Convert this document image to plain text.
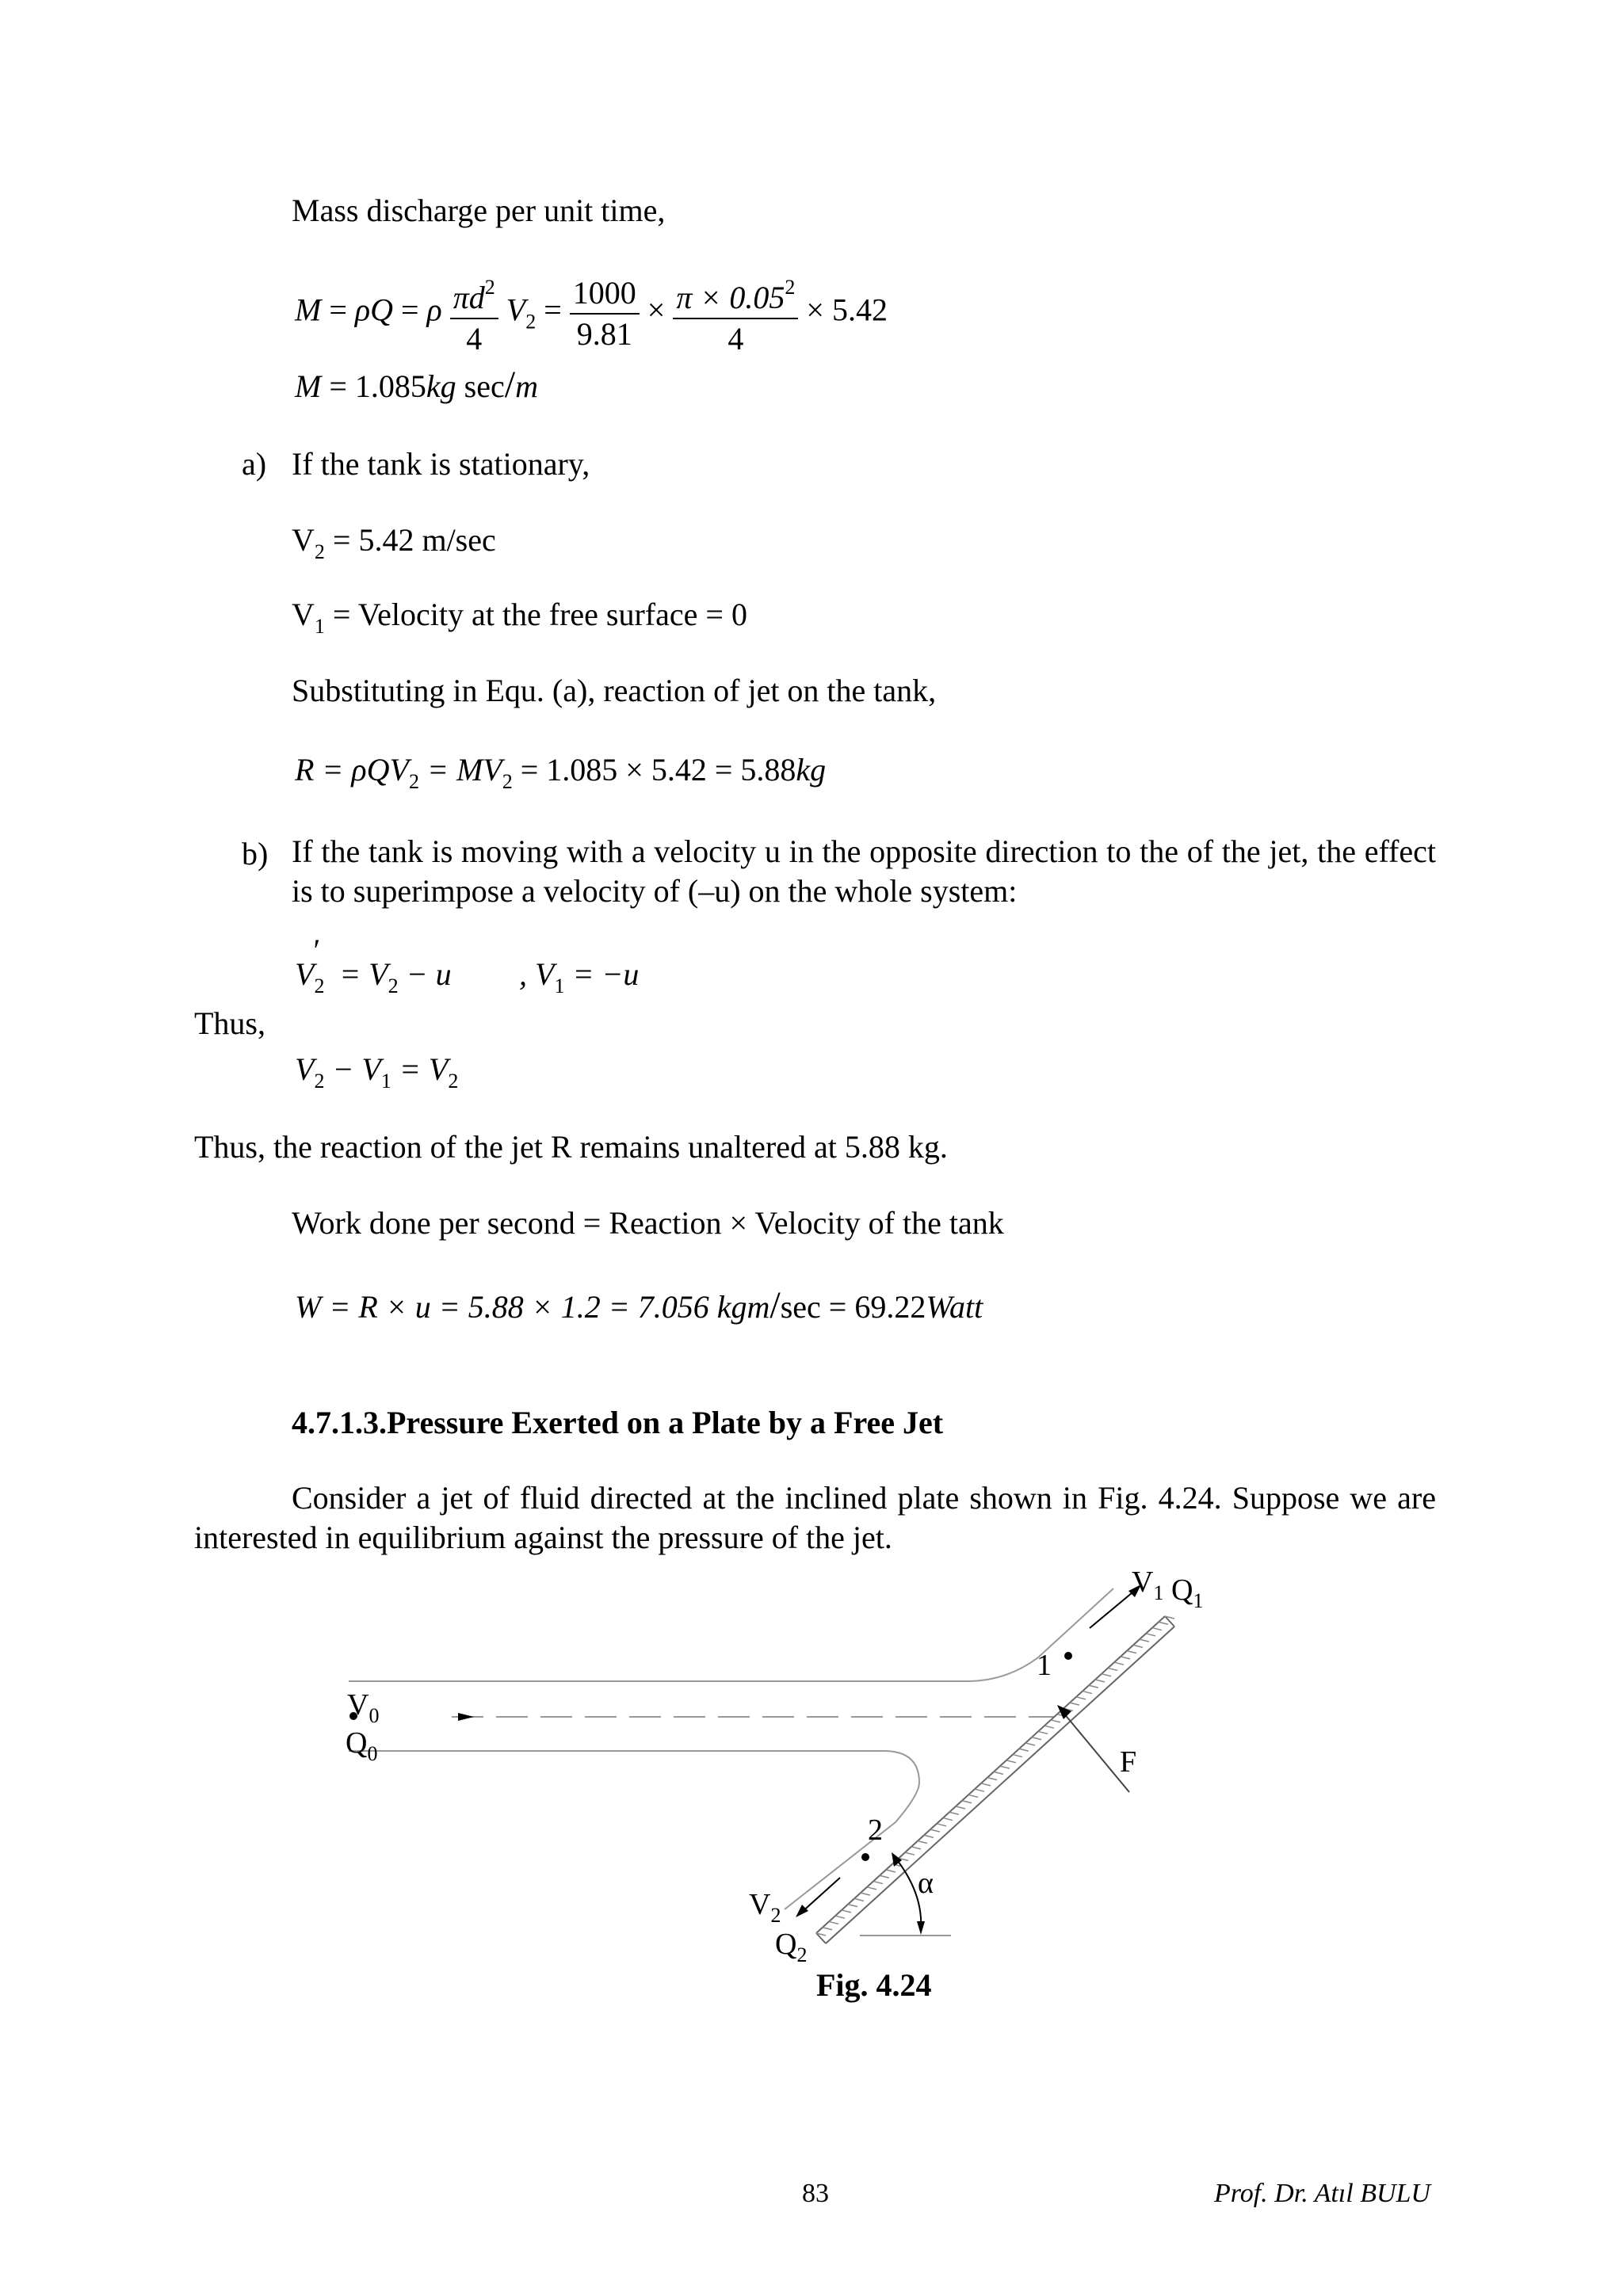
Mass discharge per unit time,
M = ρQ = ρ $\frac{\pi d^2}{4} V_2 = \frac{1000}{9.81} \times \frac{\pi \times 0.05^2}{4} \times 5.42$
M = 1.085kg sec/m
a) If the tank is stationary,
$V_2 = 5.42$ m/sec
$V_1$ = Velocity at the free surface = 0
Substituting in Equ. (a), reaction of jet on the tank,
$R = \rho QV_2 = MV_2 = 1.085 \times 5.42 = 5.88kg$
b) If the tank is moving with a velocity u in the opposite direction to the of the jet, the effect is to superimpose a velocity of (–u) on the whole system:
$V_2' = V_2 - u$ , $V_1 = -u$
Thus,
$V_2 - V_1 = V_2$
Thus, the reaction of the jet R remains unaltered at 5.88 kg.
Work done per second = Reaction × Velocity of the tank
W = R × u = 5.88 × 1.2 = 7.056 kgm/sec = 69.22Watt
4.7.1.3.Pressure Exerted on a Plate by a Free Jet
Consider a jet of fluid directed at the inclined plate shown in Fig. 4.24. Suppose we are interested in equilibrium against the pressure of the jet.
$V_0$
$Q_0$
$V_1$ $Q_1$
1
F
2
α
$V_2$
$Q_2$
Fig. 4.24
83	Prof. Dr. Atıl BULU
